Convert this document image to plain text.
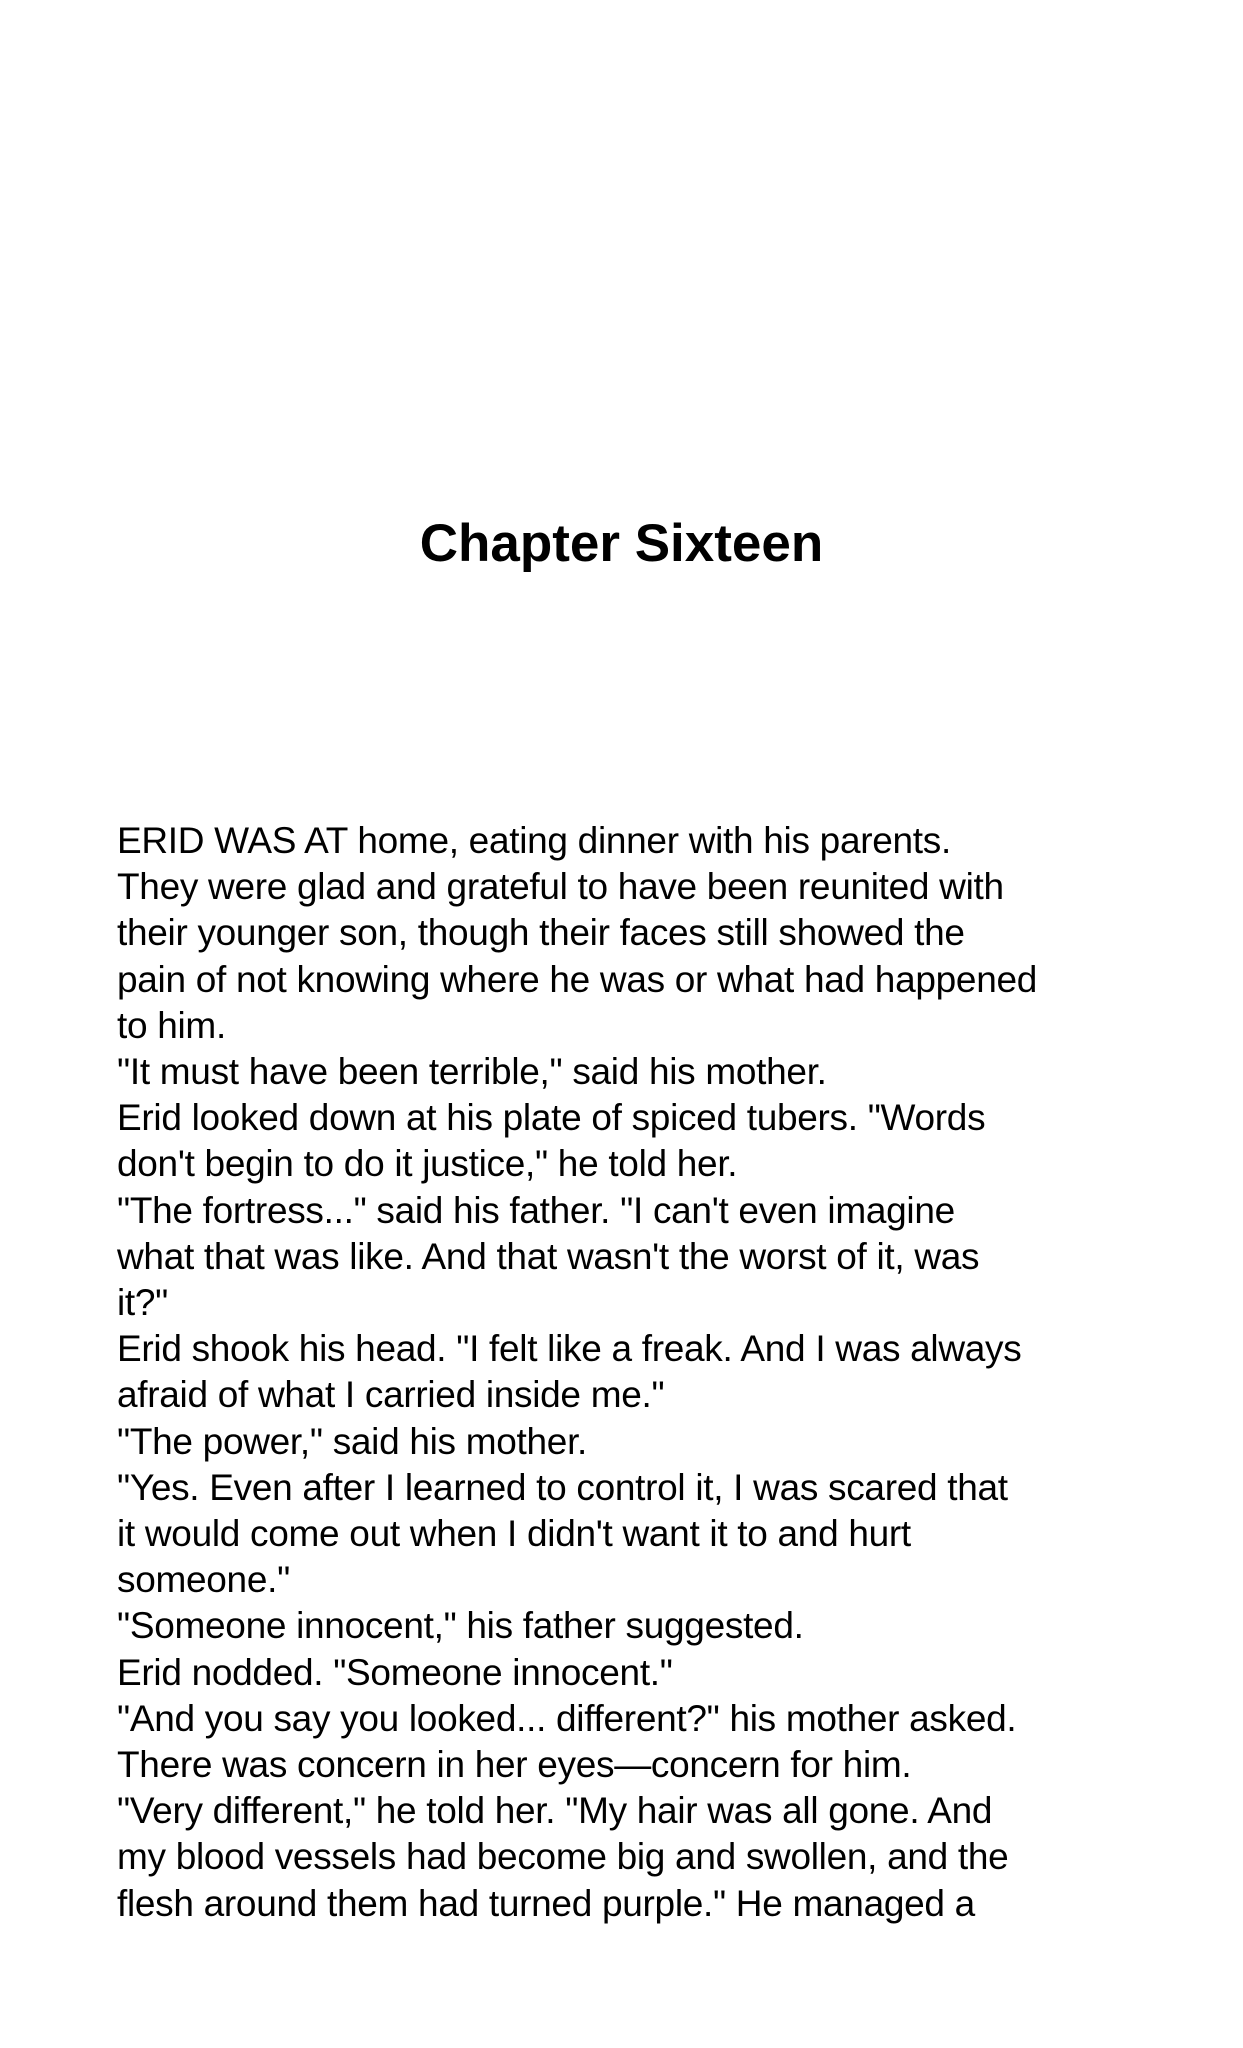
Chapter Sixteen
ERID WAS AT home, eating dinner with his parents.
They were glad and grateful to have been reunited with
their younger son, though their faces still showed the
pain of not knowing where he was or what had happened
to him.
"It must have been terrible," said his mother.
Erid looked down at his plate of spiced tubers. "Words
don't begin to do it justice," he told her.
"The fortress..." said his father. "I can't even imagine
what that was like. And that wasn't the worst of it, was
it?"
Erid shook his head. "I felt like a freak. And I was always
afraid of what I carried inside me."
"The power," said his mother.
"Yes. Even after I learned to control it, I was scared that
it would come out when I didn't want it to and hurt
someone."
"Someone innocent," his father suggested.
Erid nodded. "Someone innocent."
"And you say you looked... different?" his mother asked.
There was concern in her eyes—concern for him.
"Very different," he told her. "My hair was all gone. And
my blood vessels had become big and swollen, and the
flesh around them had turned purple." He managed a
